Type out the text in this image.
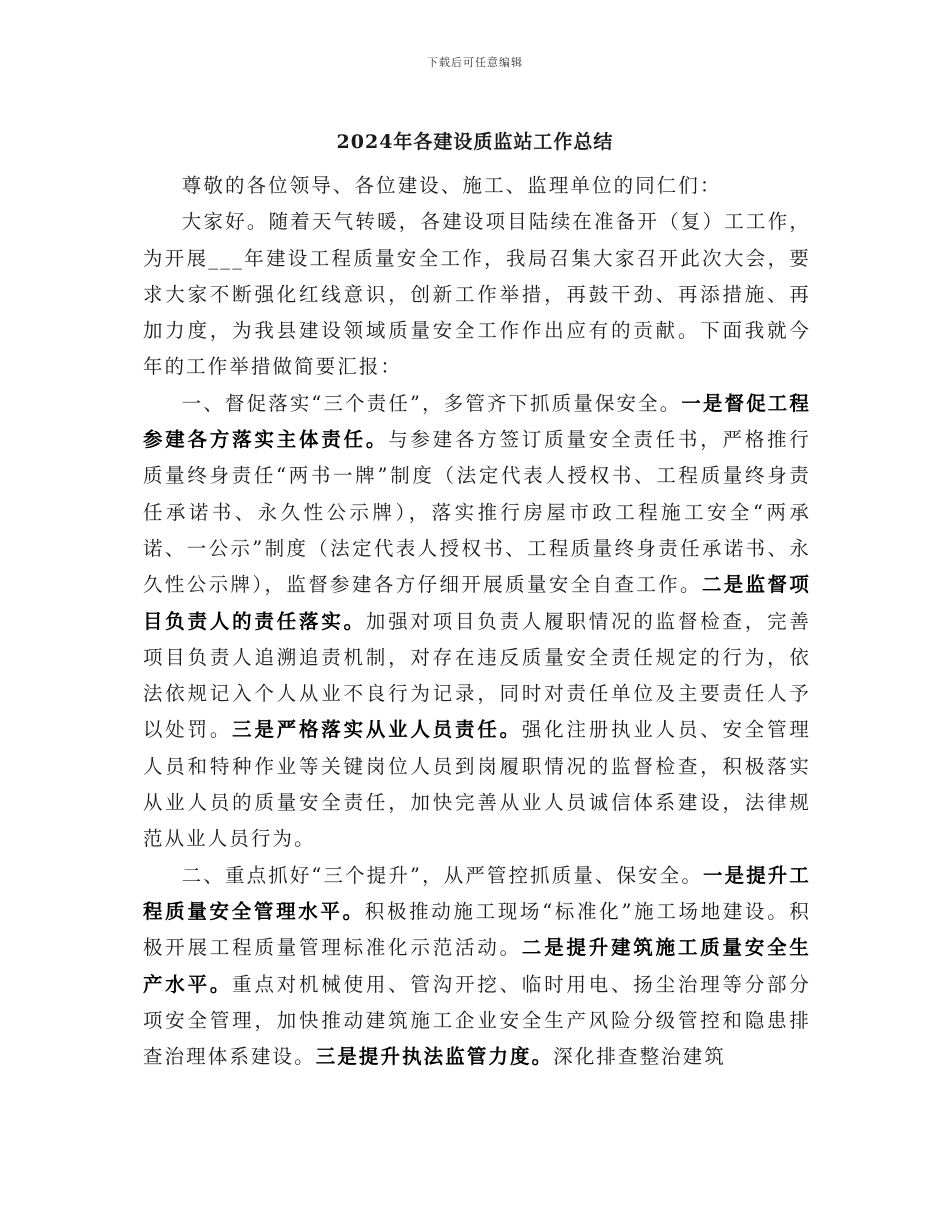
下载后可任意编辑
2024年各建设质监站工作总结

尊敬的各位领导、各位建设、施工、监理单位的同仁们：

大家好。随着天气转暖，各建设项目陆续在准备开（复）工工作，为开展___年建设工程质量安全工作，我局召集大家召开此次大会，要求大家不断强化红线意识，创新工作举措，再鼓干劲、再添措施、再加力度，为我县建设领域质量安全工作作出应有的贡献。下面我就今年的工作举措做简要汇报：

一、督促落实“三个责任”，多管齐下抓质量保安全。一是督促工程参建各方落实主体责任。与参建各方签订质量安全责任书，严格推行质量终身责任“两书一牌”制度（法定代表人授权书、工程质量终身责任承诺书、永久性公示牌），落实推行房屋市政工程施工安全“两承诺、一公示”制度（法定代表人授权书、工程质量终身责任承诺书、永久性公示牌），监督参建各方仔细开展质量安全自查工作。二是监督项目负责人的责任落实。加强对项目负责人履职情况的监督检查，完善项目负责人追溯追责机制，对存在违反质量安全责任规定的行为，依法依规记入个人从业不良行为记录，同时对责任单位及主要责任人予以处罚。三是严格落实从业人员责任。强化注册执业人员、安全管理人员和特种作业等关键岗位人员到岗履职情况的监督检查，积极落实从业人员的质量安全责任，加快完善从业人员诚信体系建设，法律规范从业人员行为。

二、重点抓好“三个提升”，从严管控抓质量、保安全。一是提升工程质量安全管理水平。积极推动施工现场“标准化”施工场地建设。积极开展工程质量管理标准化示范活动。二是提升建筑施工质量安全生产水平。重点对机械使用、管沟开挖、临时用电、扬尘治理等分部分项安全管理，加快推动建筑施工企业安全生产风险分级管控和隐患排查治理体系建设。三是提升执法监管力度。深化排查整治建筑
